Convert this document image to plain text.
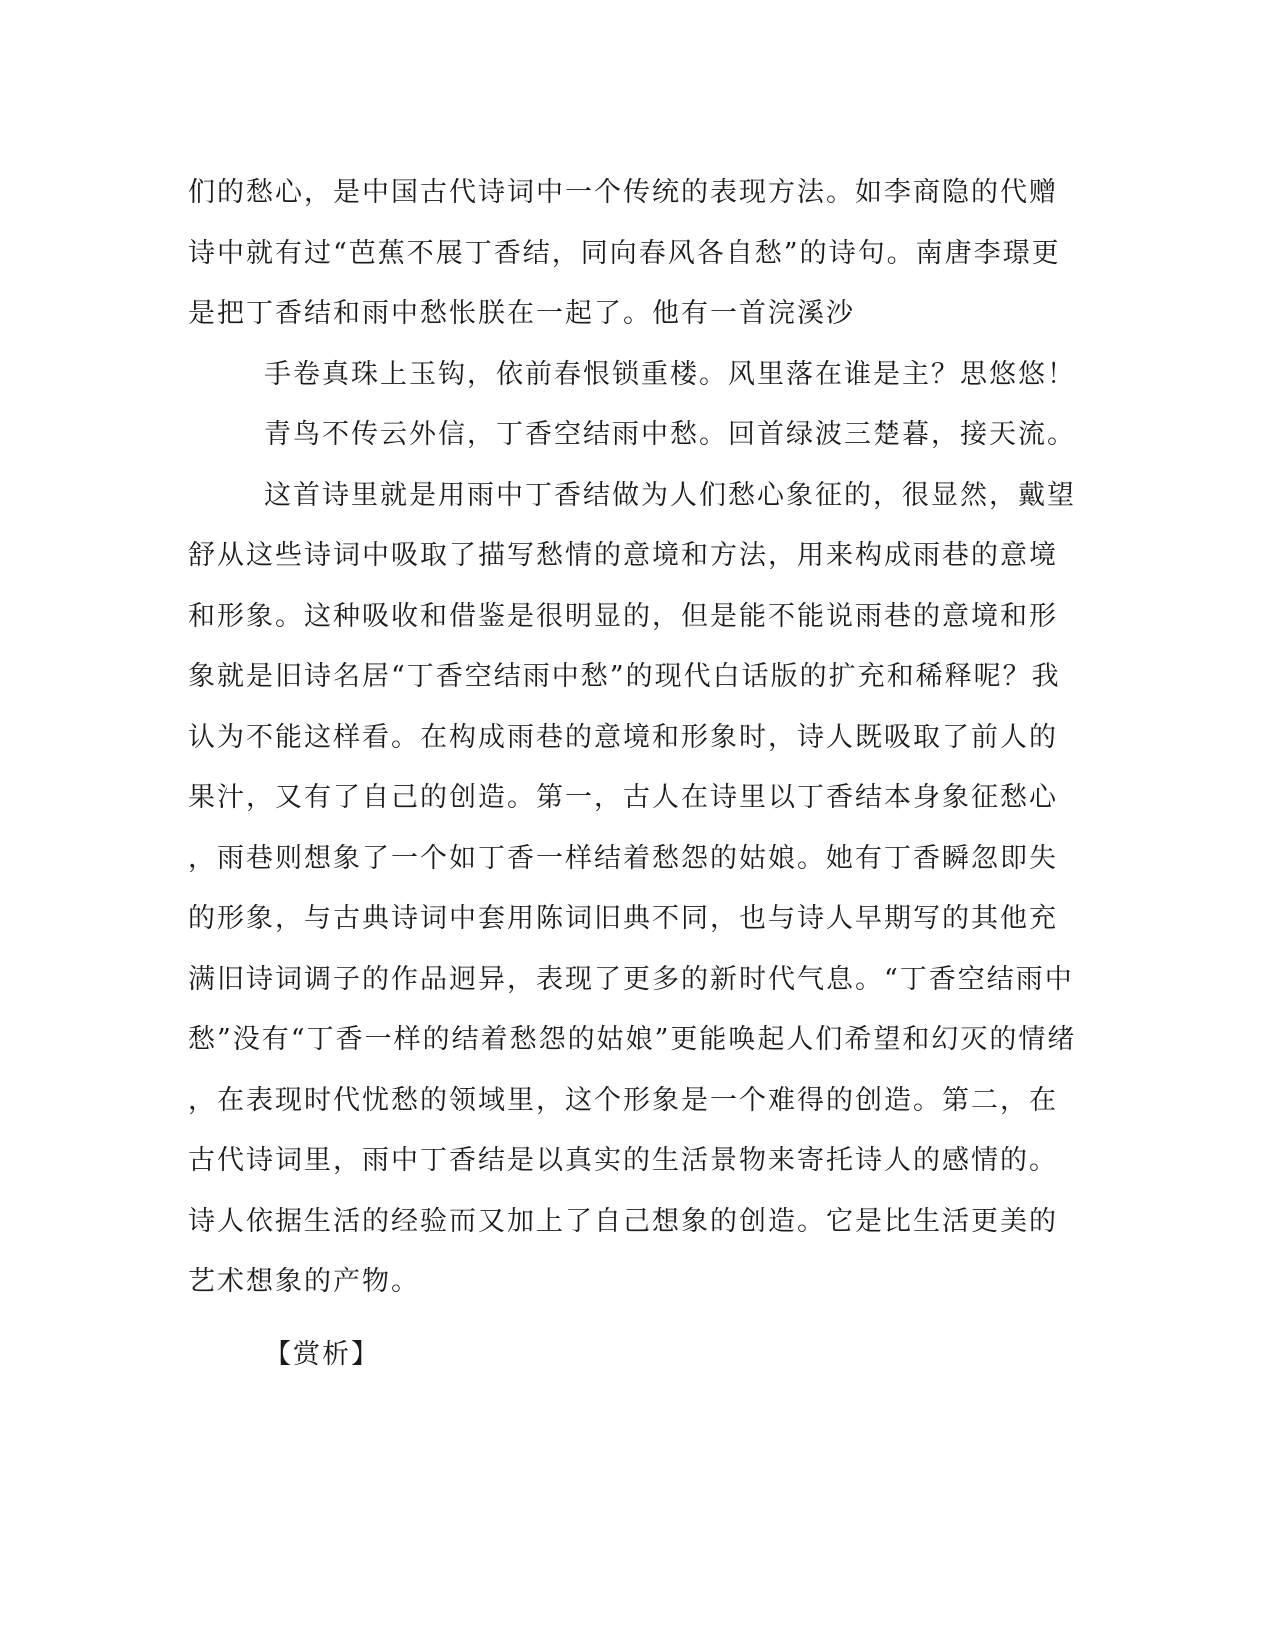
们的愁心，是中国古代诗词中一个传统的表现方法。如李商隐的代赠
诗中就有过“芭蕉不展丁香结，同向春风各自愁”的诗句。南唐李璟更
是把丁香结和雨中愁怅朕在一起了。他有一首浣溪沙
手卷真珠上玉钩，依前春恨锁重楼。风里落在谁是主？思悠悠！
青鸟不传云外信，丁香空结雨中愁。回首绿波三楚暮，接天流。
这首诗里就是用雨中丁香结做为人们愁心象征的，很显然，戴望
舒从这些诗词中吸取了描写愁情的意境和方法，用来构成雨巷的意境
和形象。这种吸收和借鉴是很明显的，但是能不能说雨巷的意境和形
象就是旧诗名居“丁香空结雨中愁”的现代白话版的扩充和稀释呢？我
认为不能这样看。在构成雨巷的意境和形象时，诗人既吸取了前人的
果汁，又有了自己的创造。第一，古人在诗里以丁香结本身象征愁心
，雨巷则想象了一个如丁香一样结着愁怨的姑娘。她有丁香瞬忽即失
的形象，与古典诗词中套用陈词旧典不同，也与诗人早期写的其他充
满旧诗词调子的作品迥异，表现了更多的新时代气息。“丁香空结雨中
愁”没有“丁香一样的结着愁怨的姑娘”更能唤起人们希望和幻灭的情绪
，在表现时代忧愁的领域里，这个形象是一个难得的创造。第二，在
古代诗词里，雨中丁香结是以真实的生活景物来寄托诗人的感情的。
诗人依据生活的经验而又加上了自己想象的创造。它是比生活更美的
艺术想象的产物。
【赏析】
